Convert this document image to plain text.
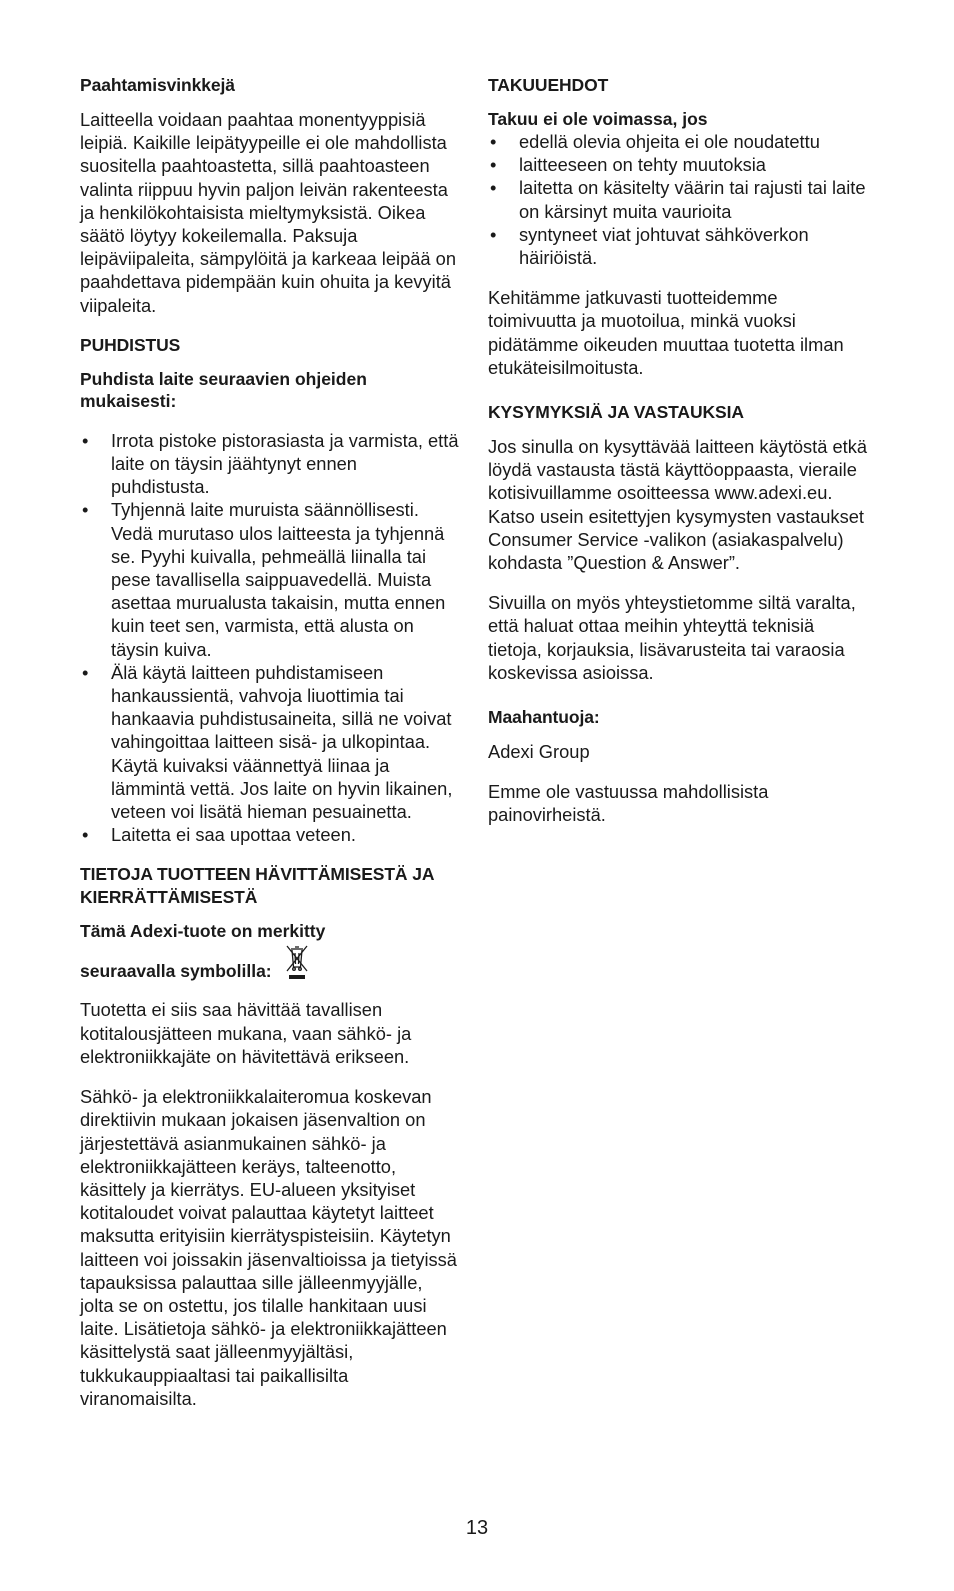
Paahtamisvinkkejä

Laitteella voidaan paahtaa monentyyppisiä leipiä. Kaikille leipätyypeille ei ole mahdollista suositella paahtoastetta, sillä paahtoasteen valinta riippuu hyvin paljon leivän rakenteesta ja henkilökohtaisista mieltymyksistä. Oikea säätö löytyy kokeilemalla. Paksuja leipäviipaleita, sämpylöitä ja karkeaa leipää on paahdettava pidempään kuin ohuita ja kevyitä viipaleita.

PUHDISTUS
Puhdista laite seuraavien ohjeiden mukaisesti:
• Irrota pistoke pistorasiasta ja varmista, että laite on täysin jäähtynyt ennen puhdistusta.
• Tyhjennä laite muruista säännöllisesti. Vedä murutaso ulos laitteesta ja tyhjennä se. Pyyhi kuivalla, pehmeällä liinalla tai pese tavallisella saippuavedellä. Muista asettaa murualusta takaisin, mutta ennen kuin teet sen, varmista, että alusta on täysin kuiva.
• Älä käytä laitteen puhdistamiseen hankaussientä, vahvoja liuottimia tai hankaavia puhdistusaineita, sillä ne voivat vahingoittaa laitteen sisä- ja ulkopintaa. Käytä kuivaksi väännettyä liinaa ja lämmintä vettä. Jos laite on hyvin likainen, veteen voi lisätä hieman pesuainetta.
• Laitetta ei saa upottaa veteen.
TIETOJA TUOTTEEN HÄVITTÄMISESTÄ JA KIERRÄTTÄMISESTÄ
Tämä Adexi-tuote on merkitty
seuraavalla symbolilla:

Tuotetta ei siis saa hävittää tavallisen kotitalousjätteen mukana, vaan sähkö- ja elektroniikkajäte on hävitettävä erikseen.

Sähkö- ja elektroniikkalaiteromua koskevan direktiivin mukaan jokaisen jäsenvaltion on järjestettävä asianmukainen sähkö- ja elektroniikkajätteen keräys, talteenotto, käsittely ja kierrätys. EU-alueen yksityiset kotitaloudet voivat palauttaa käytetyt laitteet maksutta erityisiin kierrätyspisteisiin. Käytetyn laitteen voi joissakin jäsenvaltioissa ja tietyissä tapauksissa palauttaa sille jälleenmyyjälle, jolta se on ostettu, jos tilalle hankitaan uusi laite. Lisätietoja sähkö- ja elektroniikkajätteen käsittelystä saat jälleenmyyjältäsi, tukkukauppiaaltasi tai paikallisilta viranomaisilta.

TAKUUEHDOT
Takuu ei ole voimassa, jos
• edellä olevia ohjeita ei ole noudatettu
• laitteeseen on tehty muutoksia
• laitetta on käsitelty väärin tai rajusti tai laite on kärsinyt muita vaurioita
• syntyneet viat johtuvat sähköverkon häiriöistä.

Kehitämme jatkuvasti tuotteidemme toimivuutta ja muotoilua, minkä vuoksi pidätämme oikeuden muuttaa tuotetta ilman etukäteisilmoitusta.

KYSYMYKSIÄ JA VASTAUKSIA

Jos sinulla on kysyttävää laitteen käytöstä etkä löydä vastausta tästä käyttöoppaasta, vieraile kotisivuillamme osoitteessa www.adexi.eu.

Katso usein esitettyjen kysymysten vastaukset Consumer Service -valikon (asiakaspalvelu) kohdasta ”Question & Answer”.

Sivuilla on myös yhteystietomme siltä varalta, että haluat ottaa meihin yhteyttä teknisiä tietoja, korjauksia, lisävarusteita tai varaosia koskevissa asioissa.

Maahantuoja:

Adexi Group

Emme ole vastuussa mahdollisista painovirheistä.

13
